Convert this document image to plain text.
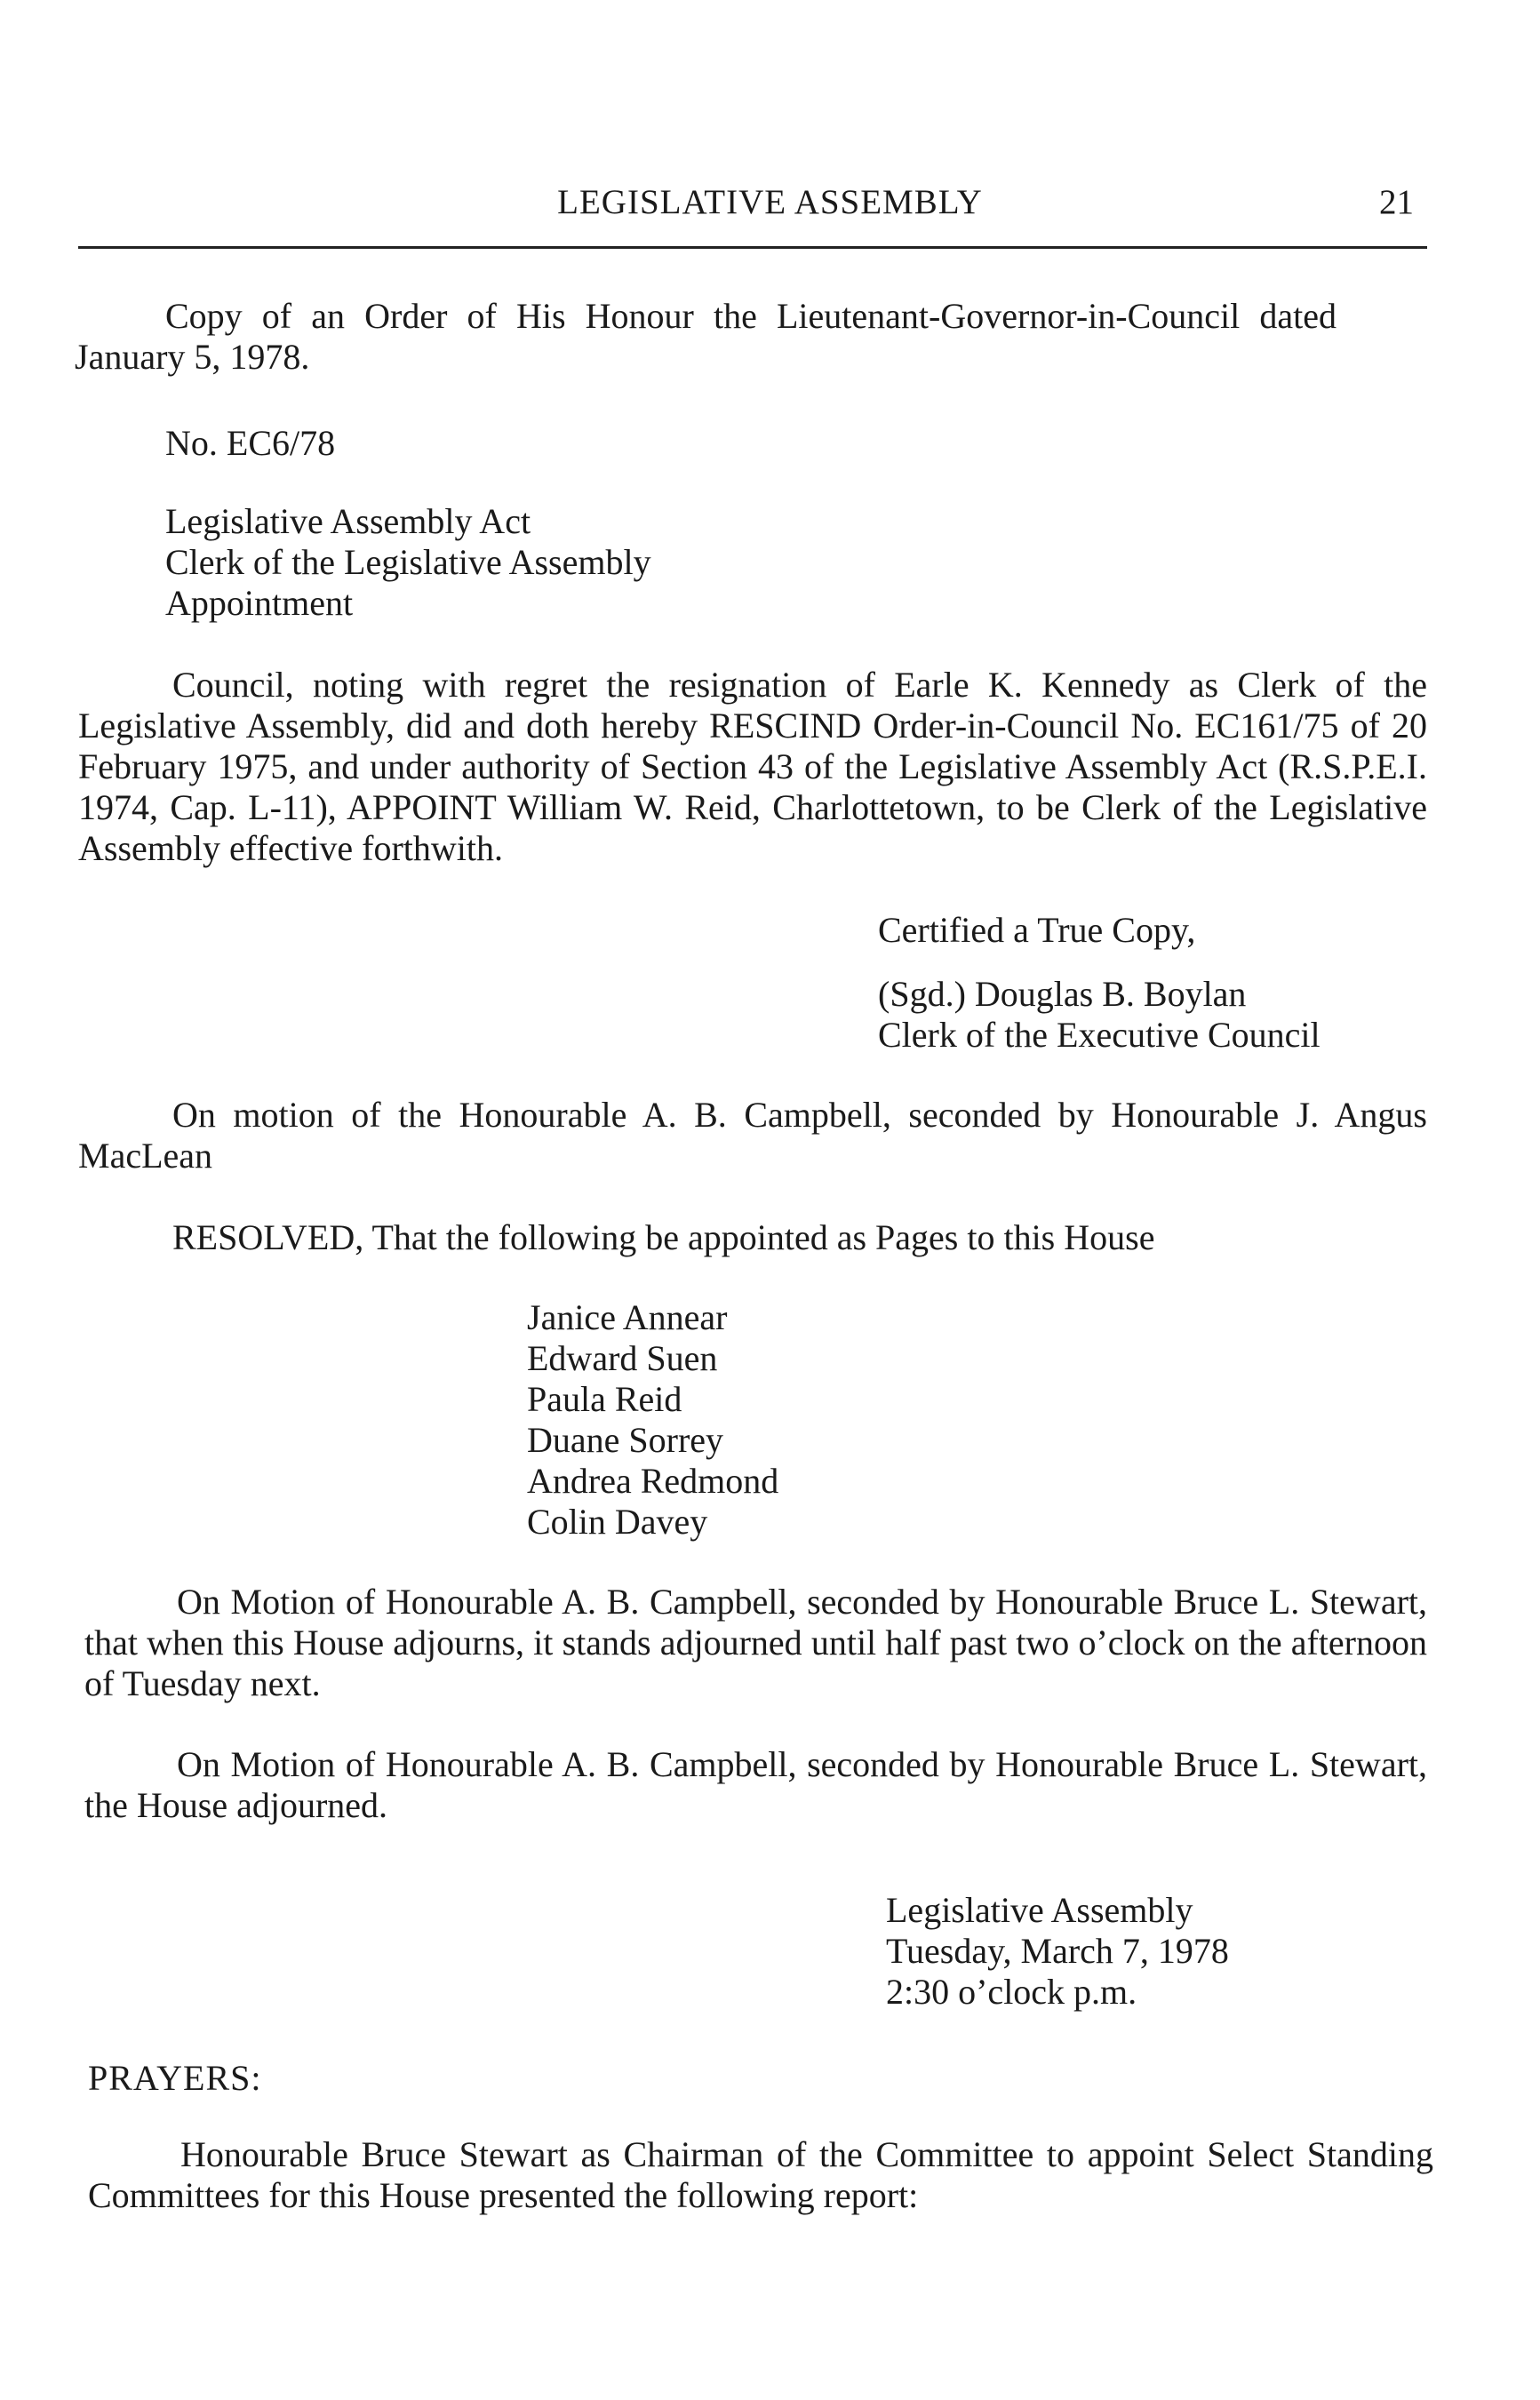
LEGISLATIVE ASSEMBLY	21

Copy of an Order of His Honour the Lieutenant-Governor-in-Council dated January 5, 1978.

No. EC6/78

Legislative Assembly Act
Clerk of the Legislative Assembly
Appointment

Council, noting with regret the resignation of Earle K. Kennedy as Clerk of the Legislative Assembly, did and doth hereby RESCIND Order-in-Council No. EC161/75 of 20 February 1975, and under authority of Section 43 of the Legislative Assembly Act (R.S.P.E.I. 1974, Cap. L-11), APPOINT William W. Reid, Charlottetown, to be Clerk of the Legislative Assembly effective forthwith.

Certified a True Copy,

(Sgd.) Douglas B. Boylan
Clerk of the Executive Council

On motion of the Honourable A. B. Campbell, seconded by Honourable J. Angus MacLean

RESOLVED, That the following be appointed as Pages to this House

Janice Annear
Edward Suen
Paula Reid
Duane Sorrey
Andrea Redmond
Colin Davey

On Motion of Honourable A. B. Campbell, seconded by Honourable Bruce L. Stewart, that when this House adjourns, it stands adjourned until half past two o’clock on the afternoon of Tuesday next.

On Motion of Honourable A. B. Campbell, seconded by Honourable Bruce L. Stewart, the House adjourned.

Legislative Assembly
Tuesday, March 7, 1978
2:30 o’clock p.m.

PRAYERS:

Honourable Bruce Stewart as Chairman of the Committee to appoint Select Standing Committees for this House presented the following report:
